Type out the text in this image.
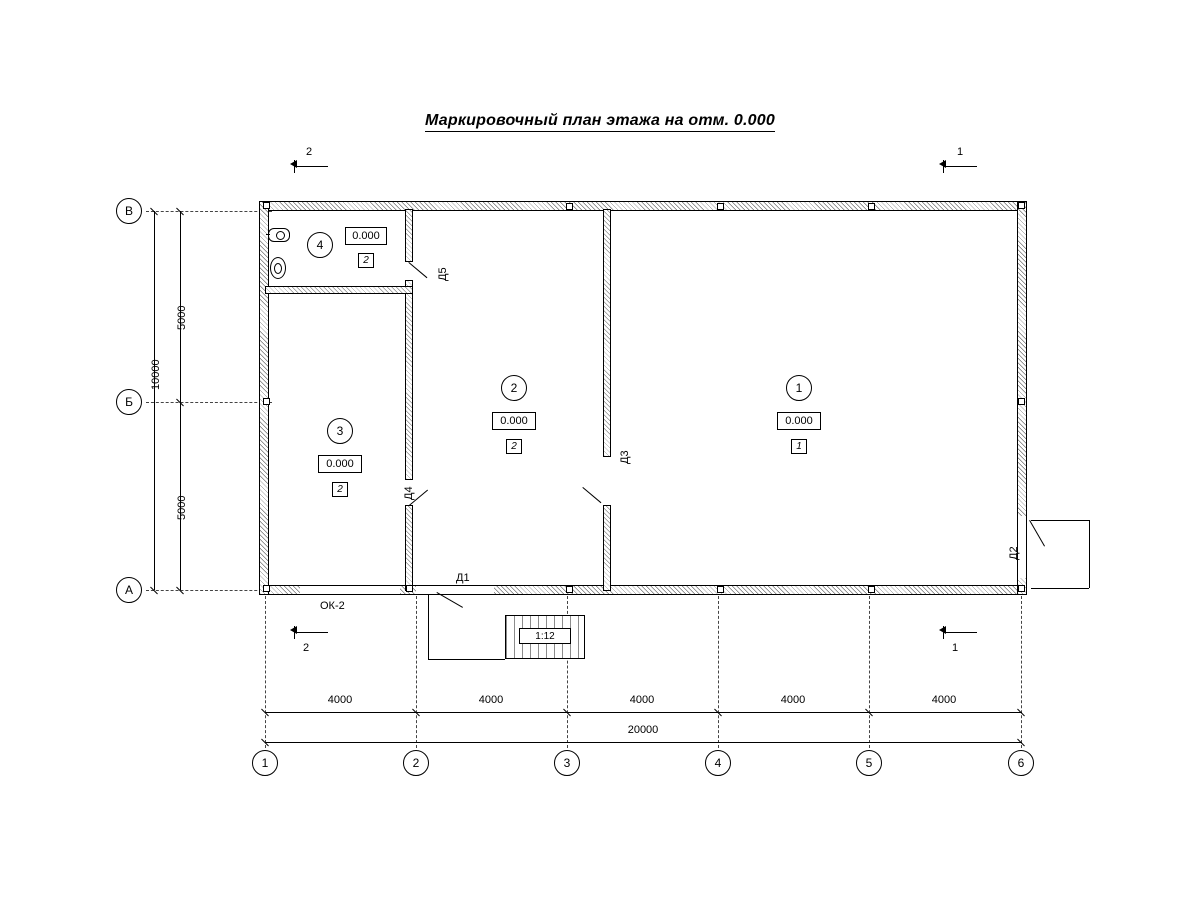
Маркировочный план этажа на отм. 0.000
2	1
2	1
ОК-2
Д1
Д5
Д4
Д3
Д2
1:12
4
0.000
2
3
0.000
2
2
0.000
2
1
0.000
1
В
Б
А
5000
5000
10000
4000	4000	4000	4000	4000
20000
1	2	3	4	5	6
